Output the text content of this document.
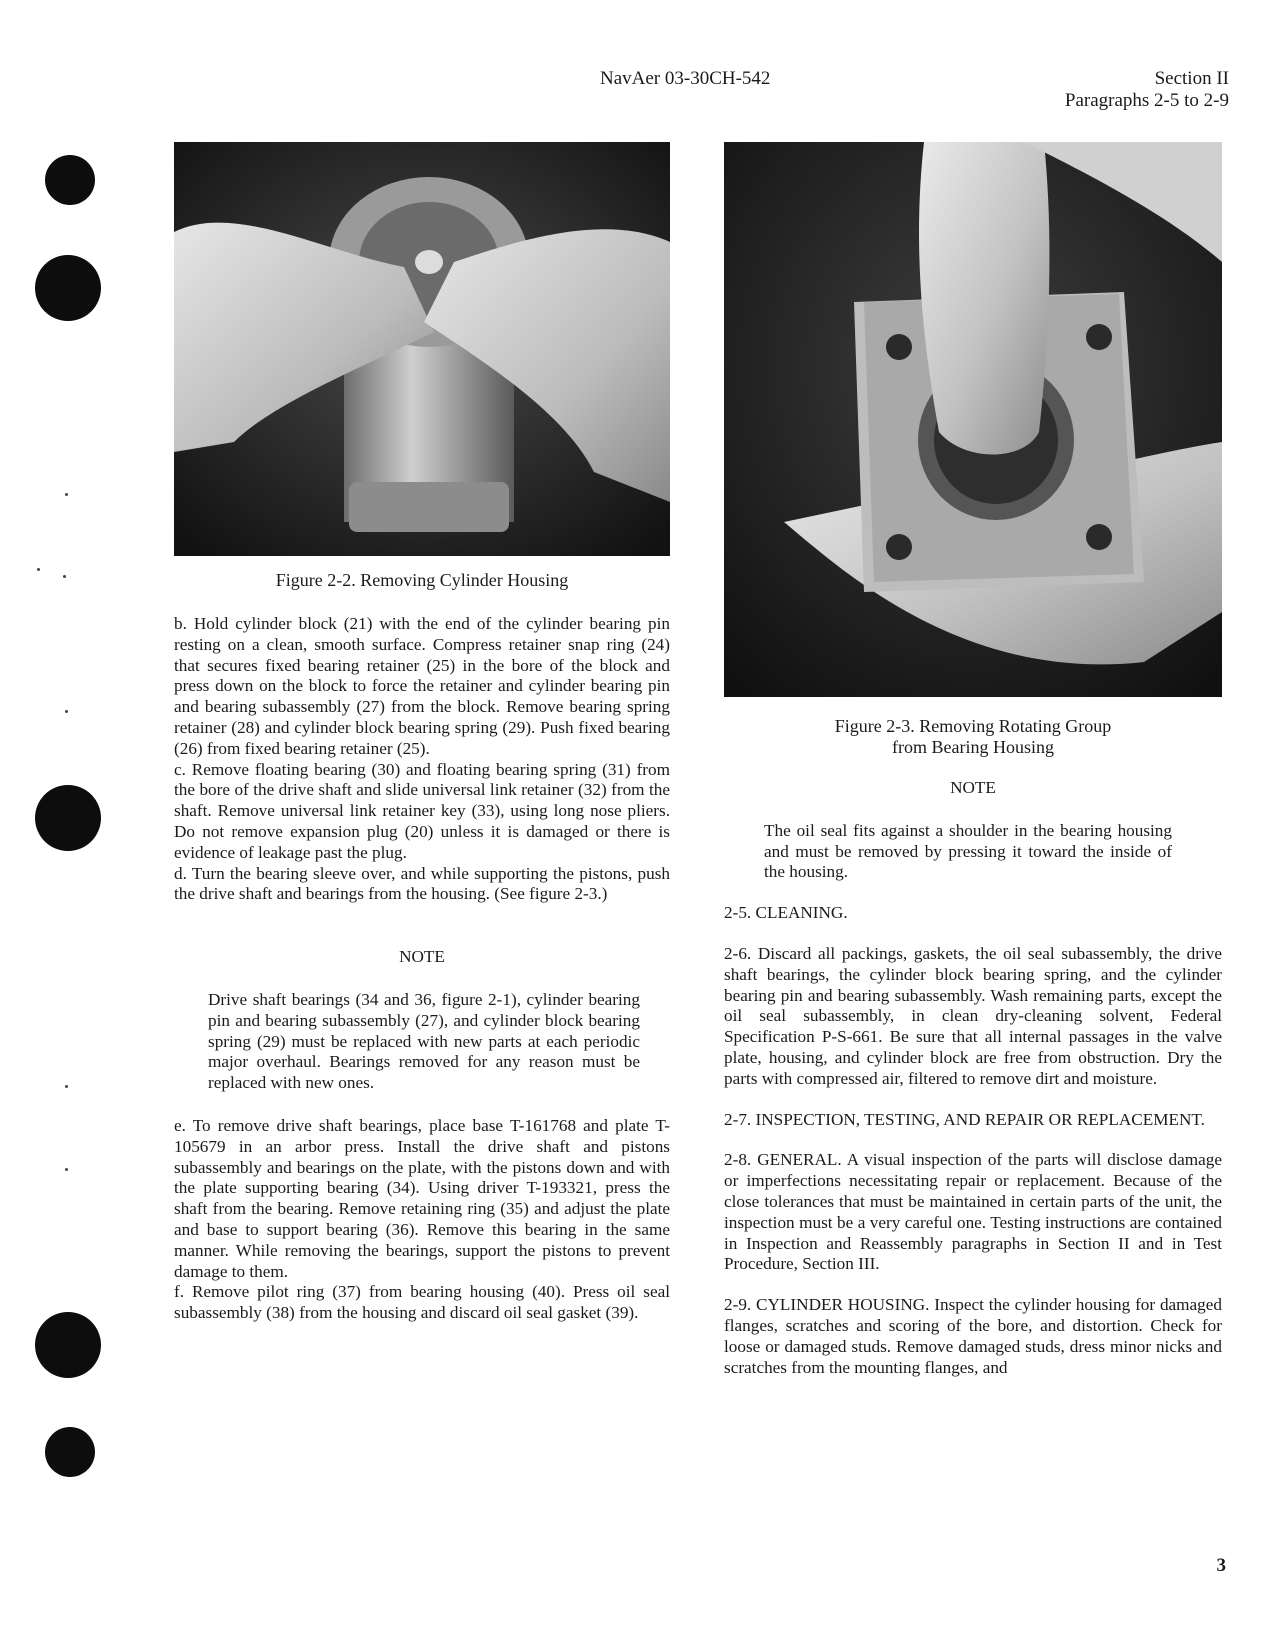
NavAer 03-30CH-542	Section II
Paragraphs 2-5 to 2-9
Figure 2-2. Removing Cylinder Housing
Figure 2-3. Removing Rotating Group
from Bearing Housing

b. Hold cylinder block (21) with the end of the cylinder bearing pin resting on a clean, smooth surface. Compress retainer snap ring (24) that secures fixed bearing retainer (25) in the bore of the block and press down on the block to force the retainer and cylinder bearing pin and bearing subassembly (27) from the block. Remove bearing spring retainer (28) and cylinder block bearing spring (29). Push fixed bearing (26) from fixed bearing retainer (25).

c. Remove floating bearing (30) and floating bearing spring (31) from the bore of the drive shaft and slide universal link retainer (32) from the shaft. Remove universal link retainer key (33), using long nose pliers. Do not remove expansion plug (20) unless it is damaged or there is evidence of leakage past the plug.

d. Turn the bearing sleeve over, and while supporting the pistons, push the drive shaft and bearings from the housing. (See figure 2-3.)

NOTE

Drive shaft bearings (34 and 36, figure 2-1), cylinder bearing pin and bearing subassembly (27), and cylinder block bearing spring (29) must be replaced with new parts at each periodic major overhaul. Bearings removed for any reason must be replaced with new ones.

e. To remove drive shaft bearings, place base T-161768 and plate T-105679 in an arbor press. Install the drive shaft and pistons subassembly and bearings on the plate, with the pistons down and with the plate supporting bearing (34). Using driver T-193321, press the shaft from the bearing. Remove retaining ring (35) and adjust the plate and base to support bearing (36). Remove this bearing in the same manner. While removing the bearings, support the pistons to prevent damage to them.

f. Remove pilot ring (37) from bearing housing (40). Press oil seal subassembly (38) from the housing and discard oil seal gasket (39).

NOTE

The oil seal fits against a shoulder in the bearing housing and must be removed by pressing it toward the inside of the housing.

2-5. CLEANING.

2-6. Discard all packings, gaskets, the oil seal subassembly, the drive shaft bearings, the cylinder block bearing spring, and the cylinder bearing pin and bearing subassembly. Wash remaining parts, except the oil seal subassembly, in clean dry-cleaning solvent, Federal Specification P-S-661. Be sure that all internal passages in the valve plate, housing, and cylinder block are free from obstruction. Dry the parts with compressed air, filtered to remove dirt and moisture.

2-7. INSPECTION, TESTING, AND REPAIR OR REPLACEMENT.

2-8. GENERAL. A visual inspection of the parts will disclose damage or imperfections necessitating repair or replacement. Because of the close tolerances that must be maintained in certain parts of the unit, the inspection must be a very careful one. Testing instructions are contained in Inspection and Reassembly paragraphs in Section II and in Test Procedure, Section III.

2-9. CYLINDER HOUSING. Inspect the cylinder housing for damaged flanges, scratches and scoring of the bore, and distortion. Check for loose or damaged studs. Remove damaged studs, dress minor nicks and scratches from the mounting flanges, and

3
